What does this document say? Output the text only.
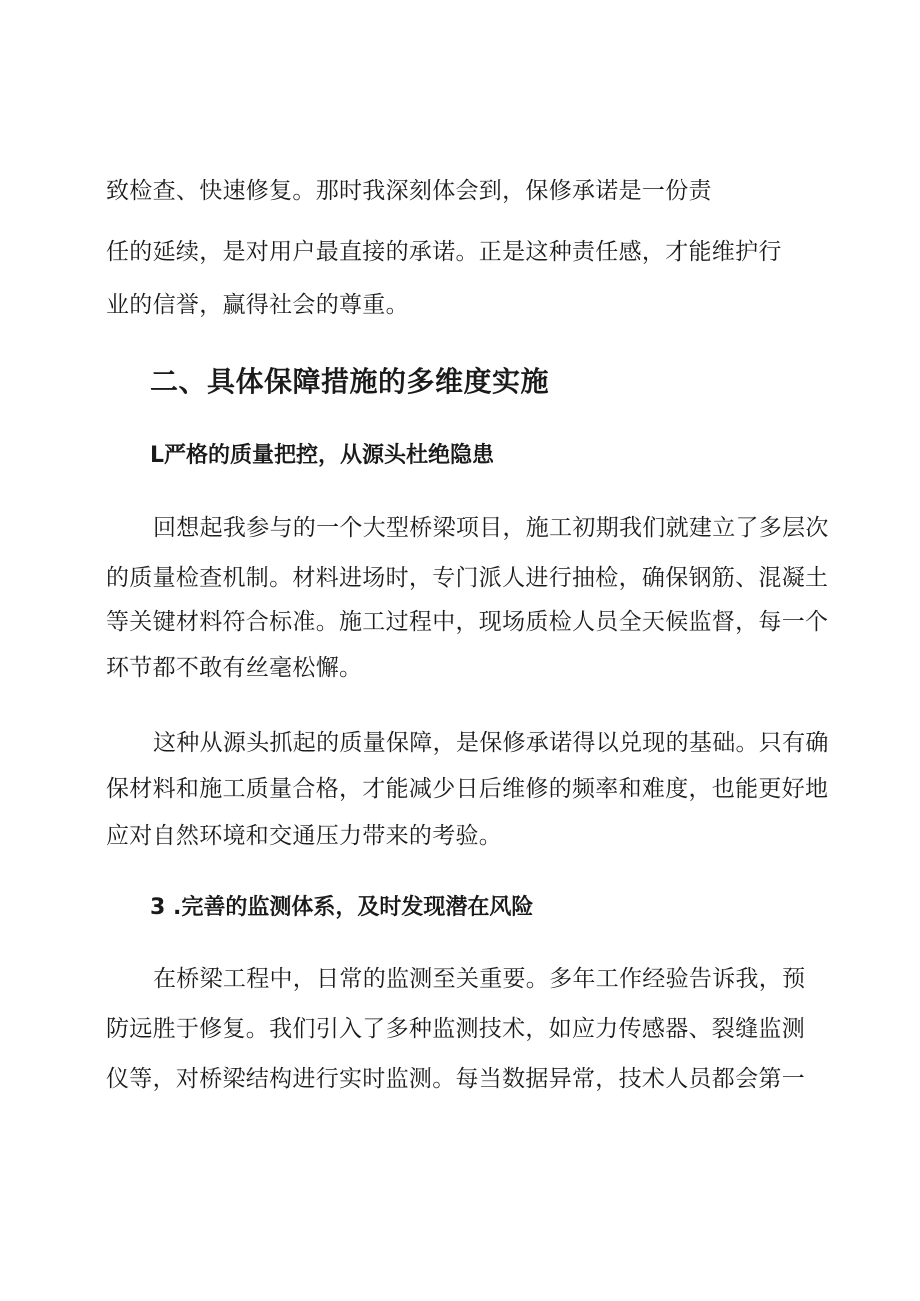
致检查、快速修复。那时我深刻体会到，保修承诺是一份责
任的延续，是对用户最直接的承诺。正是这种责任感，才能维护行
业的信誉，赢得社会的尊重。
二、具体保障措施的多维度实施
L严格的质量把控，从源头杜绝隐患
回想起我参与的一个大型桥梁项目，施工初期我们就建立了多层次
的质量检查机制。材料进场时，专门派人进行抽检，确保钢筋、混凝土
等关键材料符合标准。施工过程中，现场质检人员全天候监督，每一个
环节都不敢有丝毫松懈。
这种从源头抓起的质量保障，是保修承诺得以兑现的基础。只有确
保材料和施工质量合格，才能减少日后维修的频率和难度，也能更好地
应对自然环境和交通压力带来的考验。
3 .完善的监测体系，及时发现潜在风险
在桥梁工程中，日常的监测至关重要。多年工作经验告诉我，预
防远胜于修复。我们引入了多种监测技术，如应力传感器、裂缝监测
仪等，对桥梁结构进行实时监测。每当数据异常，技术人员都会第一
